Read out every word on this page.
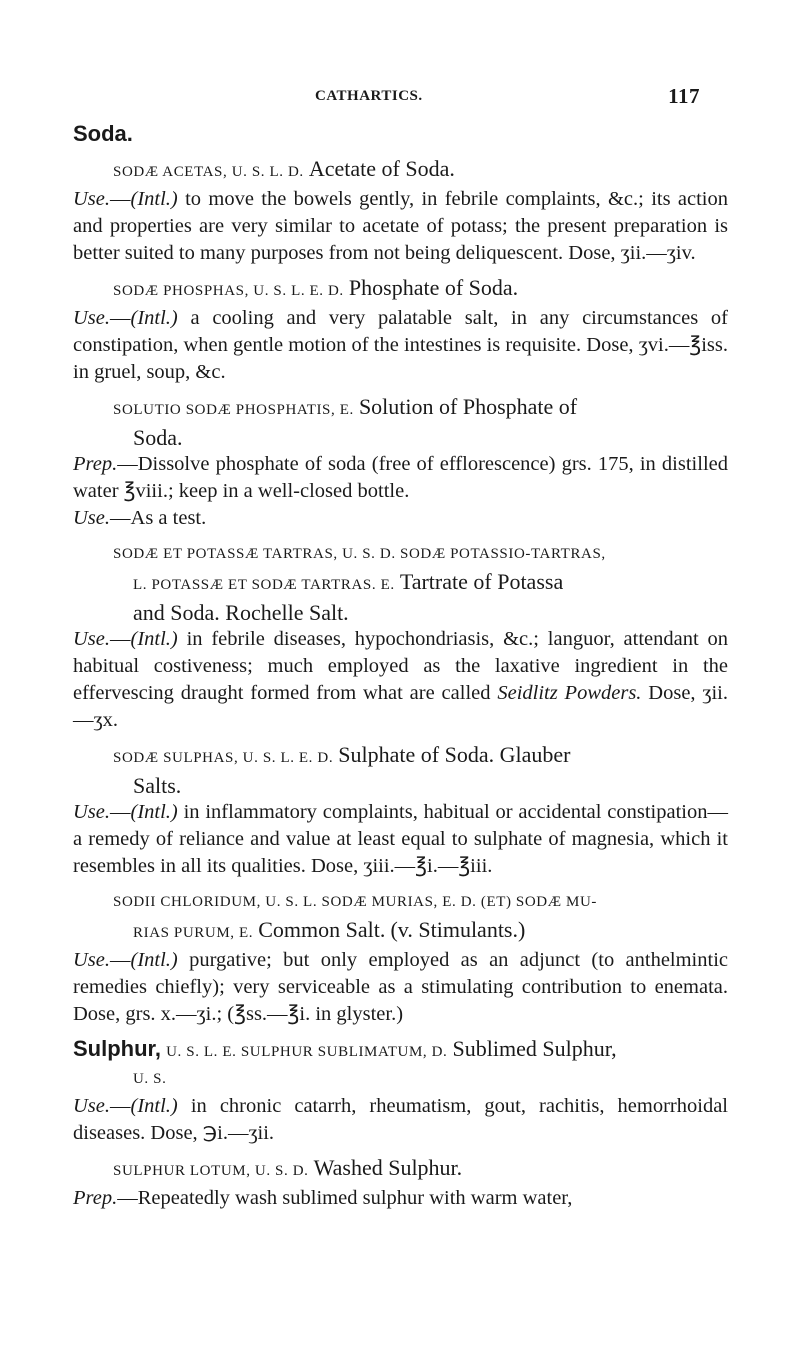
CATHARTICS.	117
Soda.

SODÆ ACETAS, U. S. L. D. Acetate of Soda.

Use.—(Intl.) to move the bowels gently, in febrile complaints, &c.; its action and properties are very similar to acetate of potass; the present preparation is better suited to many purposes from not being deliquescent. Dose, ʒii.—ʒiv.

SODÆ PHOSPHAS, U. S. L. E. D. Phosphate of Soda.

Use.—(Intl.) a cooling and very palatable salt, in any circumstances of constipation, when gentle motion of the intestines is requisite. Dose, ʒvi.—℥iss. in gruel, soup, &c.

SOLUTIO SODÆ PHOSPHATIS, E. Solution of Phosphate of

Soda.

Prep.—Dissolve phosphate of soda (free of efflorescence) grs. 175, in distilled water ℥viii.; keep in a well-closed bottle.

Use.—As a test.

SODÆ ET POTASSÆ TARTRAS, U. S. D. SODÆ POTASSIO-TARTRAS,

L. POTASSÆ ET SODÆ TARTRAS. E. Tartrate of Potassa

and Soda. Rochelle Salt.

Use.—(Intl.) in febrile diseases, hypochondriasis, &c.; languor, attendant on habitual costiveness; much employed as the laxative ingredient in the effervescing draught formed from what are called Seidlitz Powders. Dose, ʒii.—ʒx.

SODÆ SULPHAS, U. S. L. E. D. Sulphate of Soda. Glauber

Salts.

Use.—(Intl.) in inflammatory complaints, habitual or accidental constipation—a remedy of reliance and value at least equal to sulphate of magnesia, which it resembles in all its qualities. Dose, ʒiii.—℥i.—℥iii.

SODII CHLORIDUM, U. S. L. SODÆ MURIAS, E. D. (ET) SODÆ MU-

RIAS PURUM, E. Common Salt. (v. Stimulants.)

Use.—(Intl.) purgative; but only employed as an adjunct (to anthelmintic remedies chiefly); very serviceable as a stimulating contribution to enemata. Dose, grs. x.—ʒi.; (℥ss.—℥i. in glyster.)

Sulphur, U. S. L. E. SULPHUR SUBLIMATUM, D. Sublimed Sulphur,

U. S.

Use.—(Intl.) in chronic catarrh, rheumatism, gout, rachitis, hemorrhoidal diseases. Dose, ℈i.—ʒii.

SULPHUR LOTUM, U. S. D. Washed Sulphur.

Prep.—Repeatedly wash sublimed sulphur with warm water,
